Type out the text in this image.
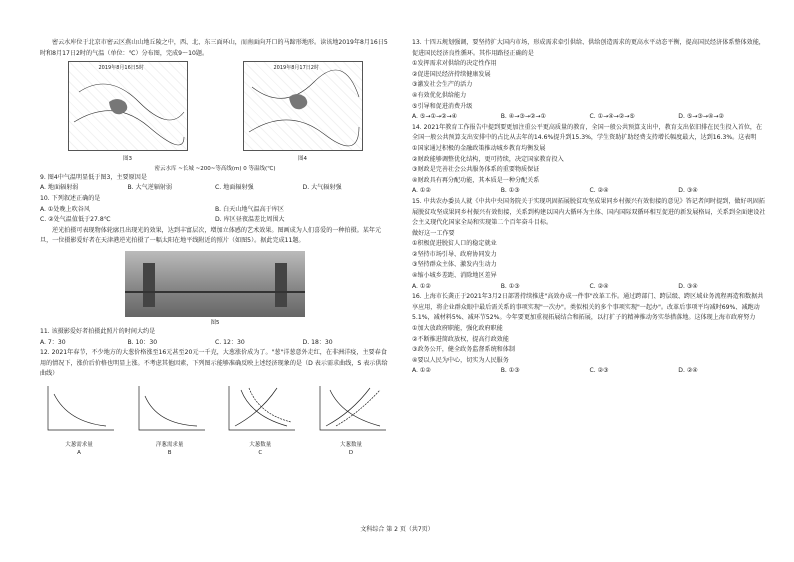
密云水库位于北京市密云区燕山山地丘陵之中，西、北、东三面环山，而南面向开口的马蹄形地形。读该地2019年8月16日5时和8月17日2时的气温（单位：℃）分布图，完成9～10题。

2019年8月16日5时
图3
2019年8月17日2时
图4

密云水库 ~长城 ~200~等高线(m) 0 等温线(℃)

9. 图4中气温明显低于图3，主要原因是

A. 地面辐射弱	B. 大气逆辐射弱	C. 地面辐射强	D. 大气辐射强

10. 下列叙述正确的是

A. ①处晚上吹谷风	B. 白天山地气温高于库区
C. ②处气温值低于27.8℃	D. 库区昼夜温差比周围大

逆光拍摄可表现物体轮廓且出现光的效果，达到丰富层次，增加立体感的艺术效果。图画成为人们喜爱的一种拍摄。某年元旦，一位摄影爱好者在天津港逆光拍摄了一幅太阳在地平线附近的照片（如图5）。据此完成11题。

图5

11. 该摄影爱好者拍摄此照片的时间大约是

A. 7：30	B. 10：30	C. 12：30	D. 18：30

12. 2021年春节，不少地方的大葱价格涨至16元甚至20元一千克，大葱涨价成为了。"葱"洋葱意外走红，在非洲洋疫，主要春食用的情况下，涨价后价格也明显上涨。不考虑其他因素，下列图示能够准确反映上述经济现象的是（D 表示需求曲线，S 表示供给曲线）

大葱需求量
A
洋葱需求量
B
大葱数量
C
大葱数量
D

13. 十四五规划强调，要坚持扩大国内市场，形成需求牵引供给、供给创造需求的更高水平动态平衡，提高国民经济体系整体效能，促进国民经济良性循环。其作用路径正确的是

①发挥需求对供给的决定性作用

②促进国民经济持续健康发展

③激发社会生产的活力

④有效优化供给能力

⑤引导和促进消费升级

A. ⑤→①→②→④	B. ④→③→②→①	C. ①→④→②→⑤	D. ⑤→③→④→②

14. 2021年教育工作报告中提到要更加注重公平更高质量的教育，全国一般公共预算支出中，教育支出依旧排在民生投入首位，在全国一般公共预算支出安排中的占比从去年的14.6%提升到15.3%，学生资助扩助经费支持增长幅度最大，达到16.3%。这表明

①国家通过积极的金融政策推动城乡教育均衡发展

②财政能够调整优化结构，更可持续，决定国家教育投入

③财政是完善社会公共服务体系的重要物质保证

④财政具有再分配功能，其本质是一种分配关系

A. ①②	B. ①③	C. ②④	D. ③④

15. 中共农办委员人就《中共中央国务院关于实现巩固拓展脱贫攻坚成果同乡村振兴有效衔接的意见》答记者问时提到，做好巩固拓展脱贫攻坚成果同乡村振兴有效衔接，关系到构建以国内大循环为主体、国内国际双循环相互促进的新发展格局，关系到全面建设社会主义现代化国家全局和实现第二个百年奋斗目标。

做好这一工作要

①积极促进脱贫人口的稳定就业

②坚持市场引导、政府协同发力

③坚持群众主体、激发内生动力

④缩小城乡差距、消除地区差异

A. ①②	B. ①③	C. ②④	D. ③④

16. 上海市长龚正于2021年3月2日部署持续推进"高效办成一件事"改革工作。通过跨部门、跨层级、跨区域业务流程再造和数据共享应用，将企业群众眼中最后需关系的事项实现"一次办"。类似相关的多个事项实现"一起办"。改革后事项平均减时69%、减跑动5.1%，减材料5%、减环节52%。今年要更加重视拓展结合和拓展，以打扩子的精神推动务实举措落地。这体现上海市政府努力

①加大放政府职能，强化政府职能

②不断推进简政放权，提高行政效能

③政务公开，健全政务监督系统和体制

④要以人民为中心，切实为人民服务

A. ①②	B. ①③	C. ②③	D. ②④
文科综合 第 2 页（共7页）
